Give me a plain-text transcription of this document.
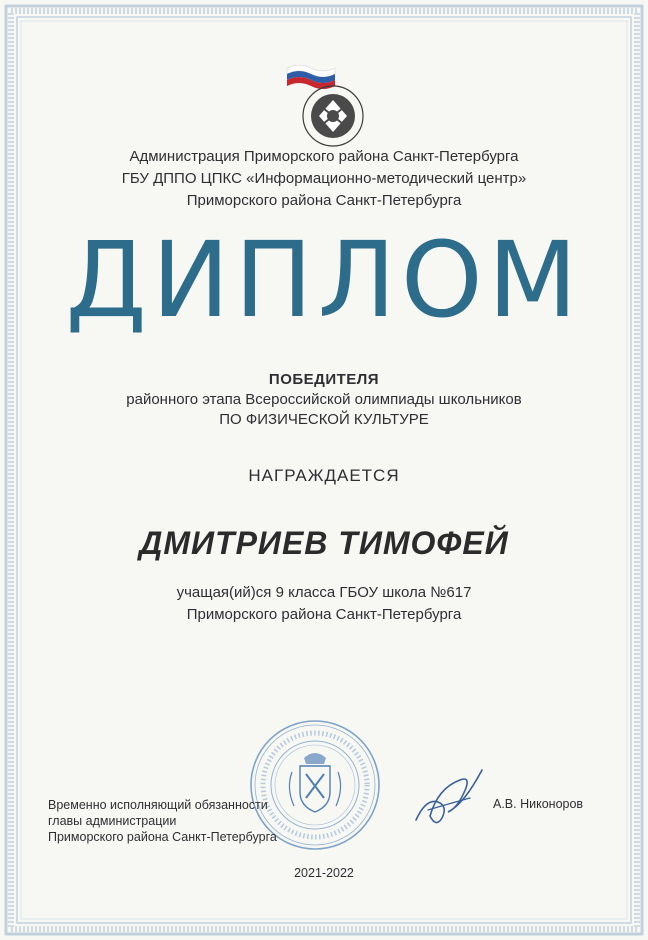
Администрация Приморского района Санкт-Петербурга
ГБУ ДППО ЦПКС «Информационно-методический центр»
Приморского района Санкт-Петербурга
ДИПЛОМ
ПОБЕДИТЕЛЯ
районного этапа Всероссийской олимпиады школьников
ПО ФИЗИЧЕСКОЙ КУЛЬТУРЕ
НАГРАЖДАЕТСЯ
ДМИТРИЕВ ТИМОФЕЙ
учащая(ий)ся 9 класса ГБОУ школа №617
Приморского района Санкт-Петербурга
Временно исполняющий обязанности
главы администрации
Приморского района Санкт-Петербурга
А.В. Никоноров
2021-2022
